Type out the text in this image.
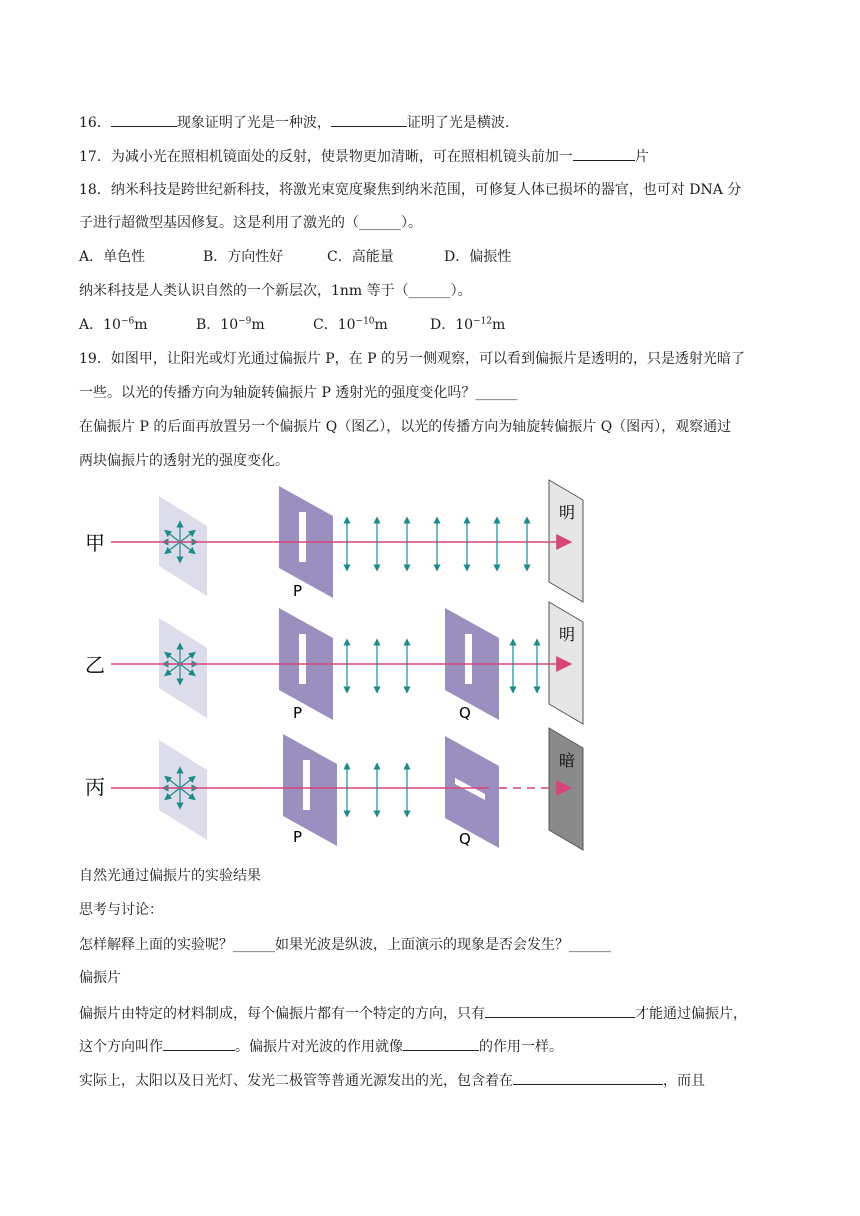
16．	现象证明了光是一种波，	证明了光是横波.
17．为减小光在照相机镜面处的反射，使景物更加清晰，可在照相机镜头前加一	片
18．纳米科技是跨世纪新科技，将激光束宽度聚焦到纳米范围，可修复人体已损坏的器官，也可对 DNA 分
子进行超微型基因修复。这是利用了激光的（______）。
A．单色性	B．方向性好	C．高能量	D．偏振性
纳米科技是人类认识自然的一个新层次，1nm 等于（______）。
A．$10^{-6}m$	B．$10^{-9}m$	C．$10^{-10}m$	D．$10^{-12}m$
19．如图甲，让阳光或灯光通过偏振片 P，在 P 的另一侧观察，可以看到偏振片是透明的，只是透射光暗了
一些。以光的传播方向为轴旋转偏振片 P 透射光的强度变化吗？______
在偏振片 P 的后面再放置另一个偏振片 Q（图乙），以光的传播方向为轴旋转偏振片 Q（图丙），观察通过
两块偏振片的透射光的强度变化。
甲
P
明
乙
P	Q
明
丙
P	Q
暗
自然光通过偏振片的实验结果
思考与讨论：
怎样解释上面的实验呢？______如果光波是纵波，上面演示的现象是否会发生？______
偏振片
偏振片由特定的材料制成，每个偏振片都有一个特定的方向，只有	才能通过偏振片，
这个方向叫作	。偏振片对光波的作用就像	的作用一样。
实际上，太阳以及日光灯、发光二极管等普通光源发出的光，包含着在	，而且
